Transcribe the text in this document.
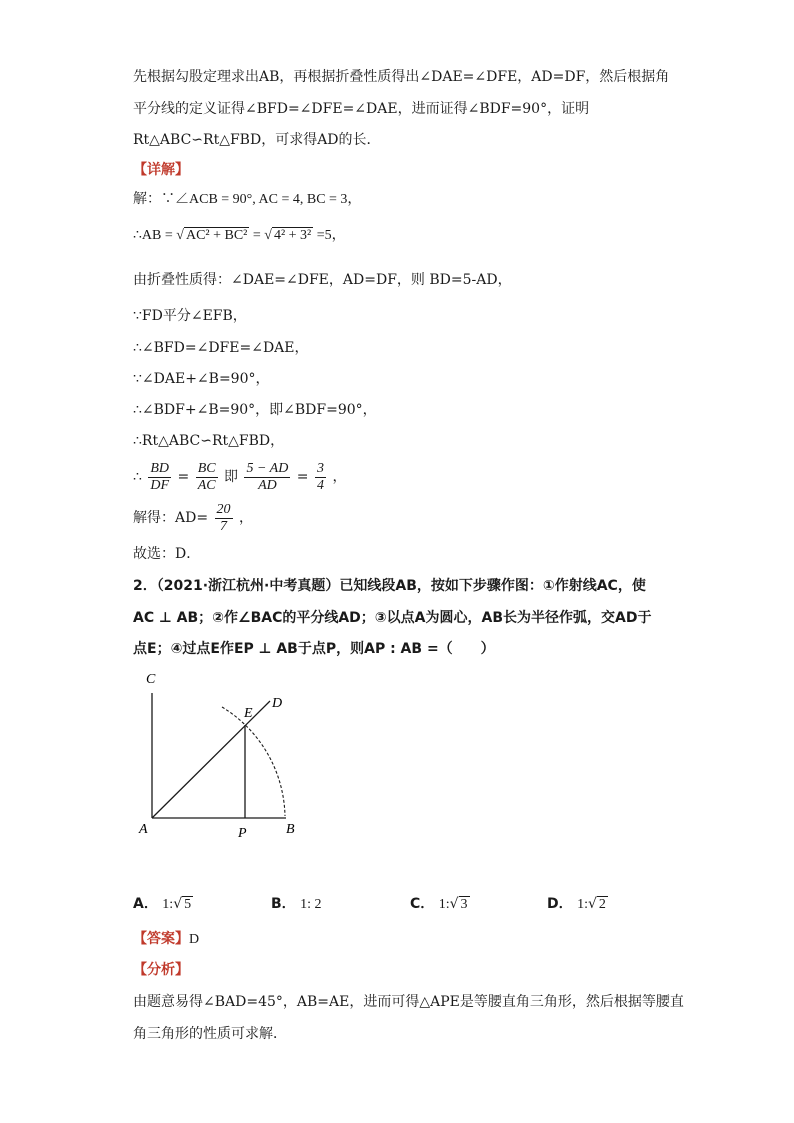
先根据勾股定理求出AB，再根据折叠性质得出∠DAE=∠DFE，AD=DF，然后根据角
平分线的定义证得∠BFD=∠DFE=∠DAE，进而证得∠BDF=90°，证明
Rt△ABC∽Rt△FBD，可求得AD的长．
【详解】
解：∵∠ACB = 90°, AC = 4, BC = 3，
∴AB = √ AC² + BC² = √ 4² + 3² =5，
由折叠性质得：∠DAE=∠DFE，AD=DF，则 BD=5-AD，
∵FD平分∠EFB，
∴∠BFD=∠DFE=∠DAE，
∵∠DAE+∠B=90°，
∴∠BDF+∠B=90°，即∠BDF=90°，
∴Rt△ABC∽Rt△FBD，
∴ $\frac{BD}{DF} = \frac{BC}{AC}$ 即 $\frac{5 - AD}{AD} = \frac{3}{4}$ ，
解得：$AD= \frac{20}{7}$ ，
故选：D．
2．（2021·浙江杭州·中考真题）已知线段AB，按如下步骤作图：①作射线AC，使
AC ⊥ AB；②作∠BAC的平分线AD；③以点A为圆心，AB长为半径作弧，交AD于
点E；④过点E作EP ⊥ AB于点P，则AP : AB =（　　）
C
D
E
A	P	B
A． 1:√ 5	B． 1: 2	C． 1:√ 3	D． 1:√ 2
【答案】D
【分析】
由题意易得∠BAD=45°，AB=AE，进而可得△APE是等腰直角三角形，然后根据等腰直
角三角形的性质可求解．
